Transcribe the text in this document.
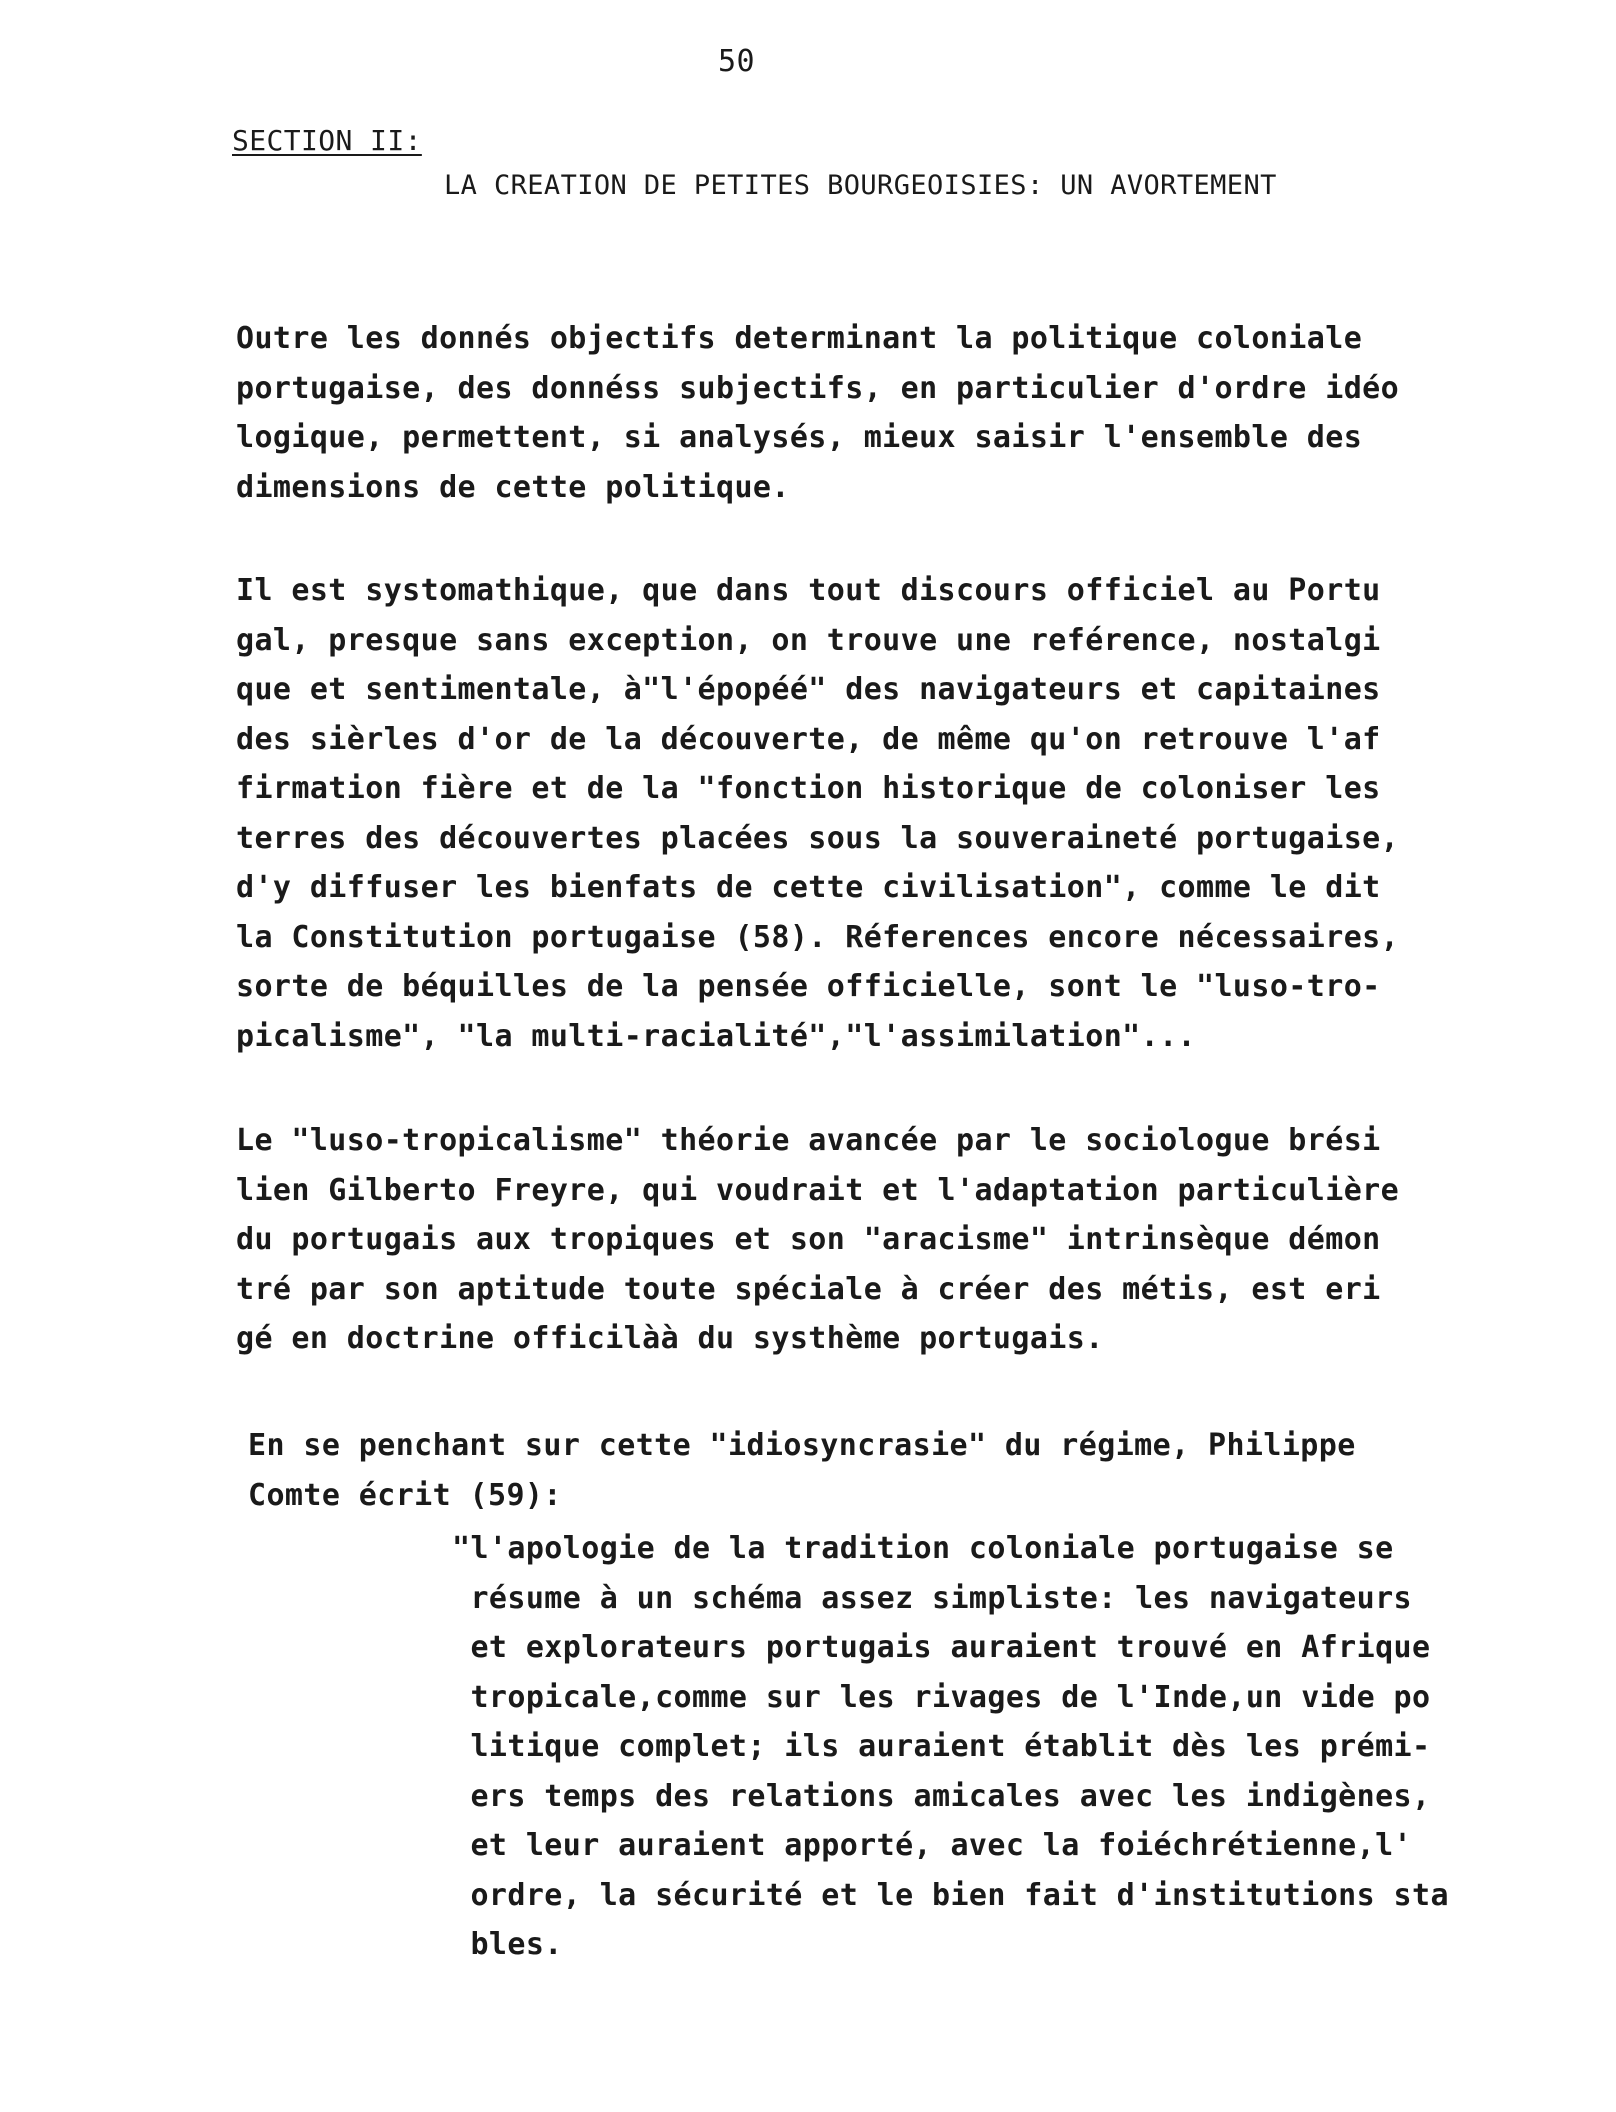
50
SECTION II:
LA CREATION DE PETITES BOURGEOISIES: UN AVORTEMENT
Outre les donnés objectifs determinant la politique coloniale
portugaise, des donnéss subjectifs, en particulier d'ordre idéo
logique, permettent, si analysés, mieux saisir l'ensemble des
dimensions de cette politique.
Il est systomathique, que dans tout discours officiel au Portu
gal, presque sans exception, on trouve une reférence, nostalgi
que et sentimentale, à"l'épopéé" des navigateurs et capitaines
des sièrles d'or de la découverte, de même qu'on retrouve l'af
firmation fière et de la "fonction historique de coloniser les
terres des découvertes placées sous la souveraineté portugaise,
d'y diffuser les bienfats de cette civilisation", comme le dit
la Constitution portugaise (58). Réferences encore nécessaires,
sorte de béquilles de la pensée officielle, sont le "luso-tro-
picalisme", "la multi-racialité","l'assimilation"...
Le "luso-tropicalisme" théorie avancée par le sociologue brési
lien Gilberto Freyre, qui voudrait et l'adaptation particulière
du portugais aux tropiques et son "aracisme" intrinsèque démon
tré par son aptitude toute spéciale à créer des métis, est eri
gé en doctrine officilàà du systhème portugais.
En se penchant sur cette "idiosyncrasie" du régime, Philippe
Comte écrit (59):
"l'apologie de la tradition coloniale portugaise se
résume à un schéma assez simpliste: les navigateurs
et explorateurs portugais auraient trouvé en Afrique
tropicale,comme sur les rivages de l'Inde,un vide po
litique complet; ils auraient établit dès les prémi-
ers temps des relations amicales avec les indigènes,
et leur auraient apporté, avec la foiéchrétienne,l'
ordre, la sécurité et le bien fait d'institutions sta
bles.
